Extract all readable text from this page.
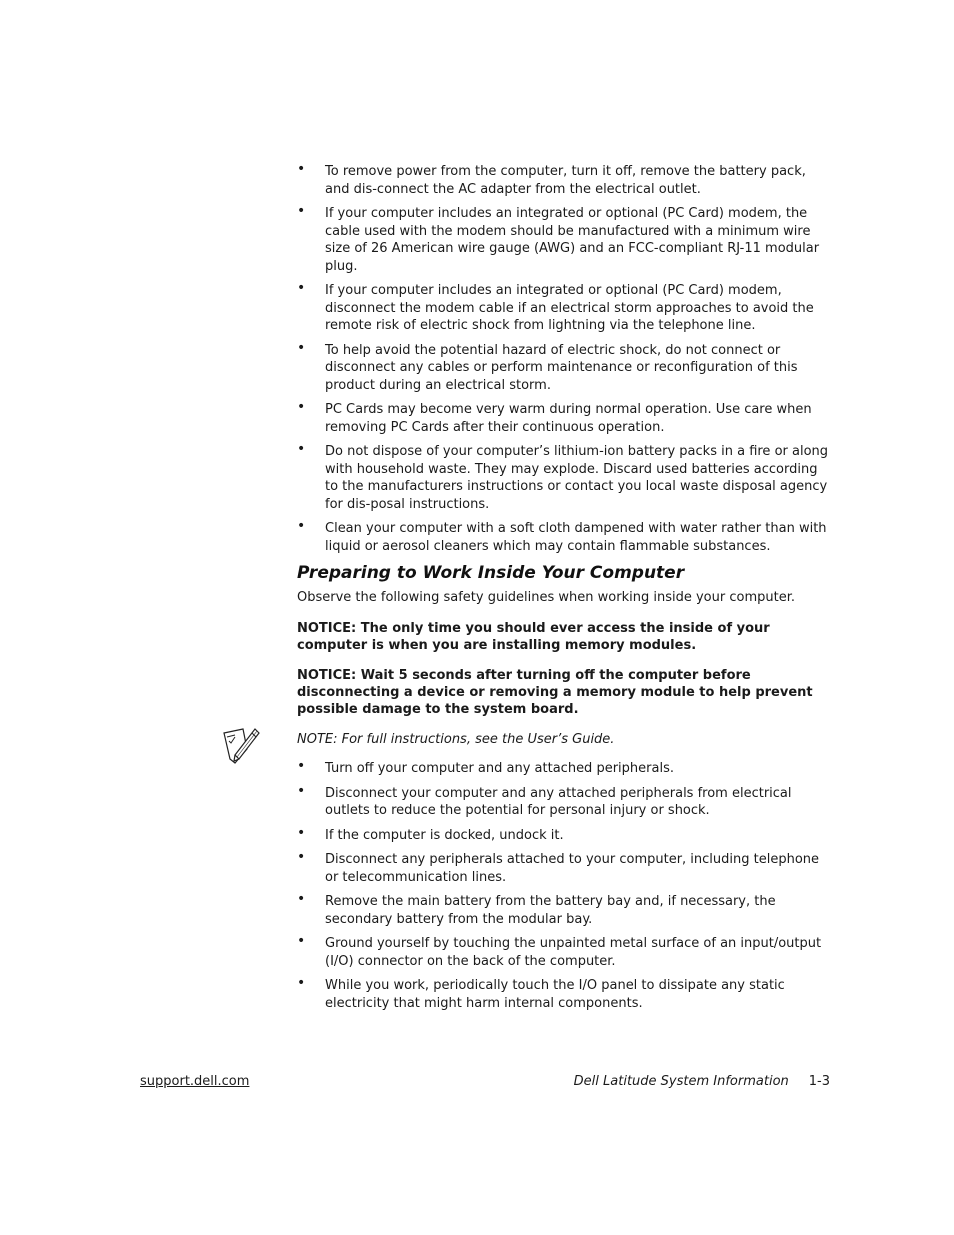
• To remove power from the computer, turn it off, remove the battery pack, and dis-connect the AC adapter from the electrical outlet.
• If your computer includes an integrated or optional (PC Card) modem, the cable used with the modem should be manufactured with a minimum wire size of 26 American wire gauge (AWG) and an FCC-compliant RJ-11 modular plug.
• If your computer includes an integrated or optional (PC Card) modem, disconnect the modem cable if an electrical storm approaches to avoid the remote risk of electric shock from lightning via the telephone line.
• To help avoid the potential hazard of electric shock, do not connect or disconnect any cables or perform maintenance or reconfiguration of this product during an electrical storm.
• PC Cards may become very warm during normal operation. Use care when removing PC Cards after their continuous operation.
• Do not dispose of your computer’s lithium-ion battery packs in a fire or along with household waste. They may explode. Discard used batteries according to the manufacturers instructions or contact you local waste disposal agency for dis-posal instructions.
• Clean your computer with a soft cloth dampened with water rather than with liquid or aerosol cleaners which may contain flammable substances.
Preparing to Work Inside Your Computer

Observe the following safety guidelines when working inside your computer.

NOTICE: The only time you should ever access the inside of your computer is when you are installing memory modules.

NOTICE: Wait 5 seconds after turning off the computer before disconnecting a device or removing a memory module to help prevent possible damage to the system board.

NOTE: For full instructions, see the User’s Guide.

• Turn off your computer and any attached peripherals.
• Disconnect your computer and any attached peripherals from electrical outlets to reduce the potential for personal injury or shock.
• If the computer is docked, undock it.
• Disconnect any peripherals attached to your computer, including telephone or telecommunication lines.
• Remove the main battery from the battery bay and, if necessary, the secondary battery from the modular bay.
• Ground yourself by touching the unpainted metal surface of an input/output (I/O) connector on the back of the computer.
• While you work, periodically touch the I/O panel to dissipate any static electricity that might harm internal components.
support.dell.com	Dell Latitude System Information 1-3
